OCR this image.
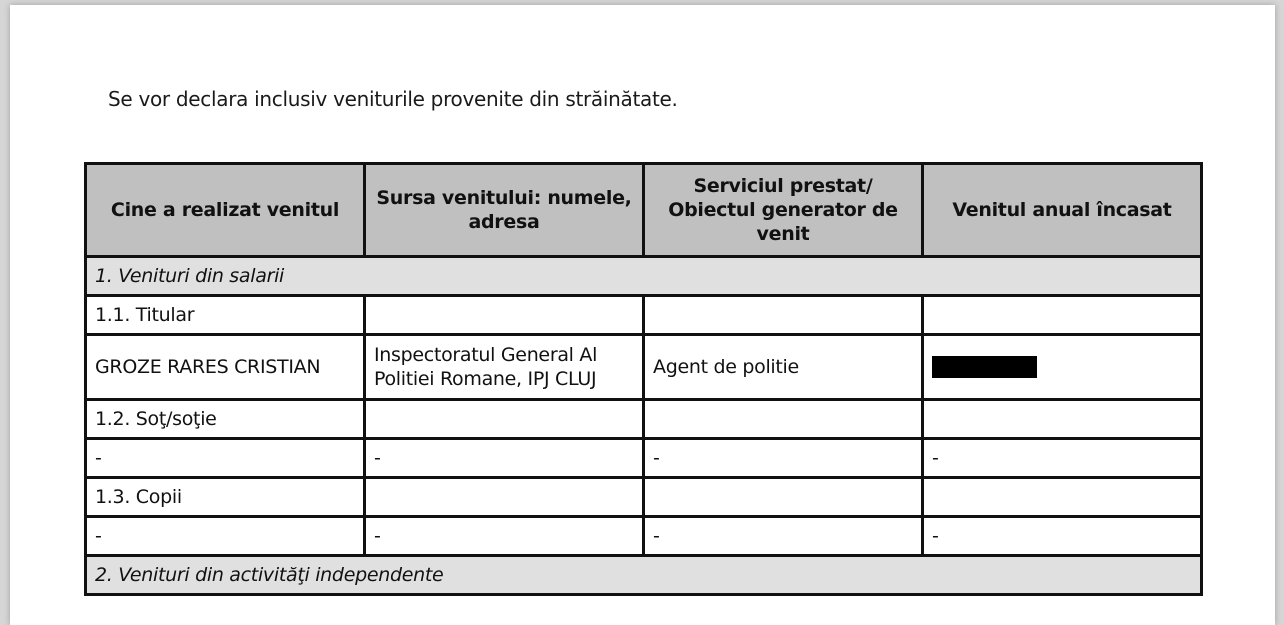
Se vor declara inclusiv veniturile provenite din străinătate.
Cine a realizat venitul	Sursa venitului: numele, adresa	Serviciul prestat/ Obiectul generator de venit	Venitul anual încasat
1. Venituri din salarii			
1.1. Titular			
GROZE RARES CRISTIAN	Inspectoratul General Al Politiei Romane, IPJ CLUJ	Agent de politie	
1.2. Soţ/soţie			
-	-	-	-
1.3. Copii			
-	-	-	-
2. Venituri din activităţi independente			
